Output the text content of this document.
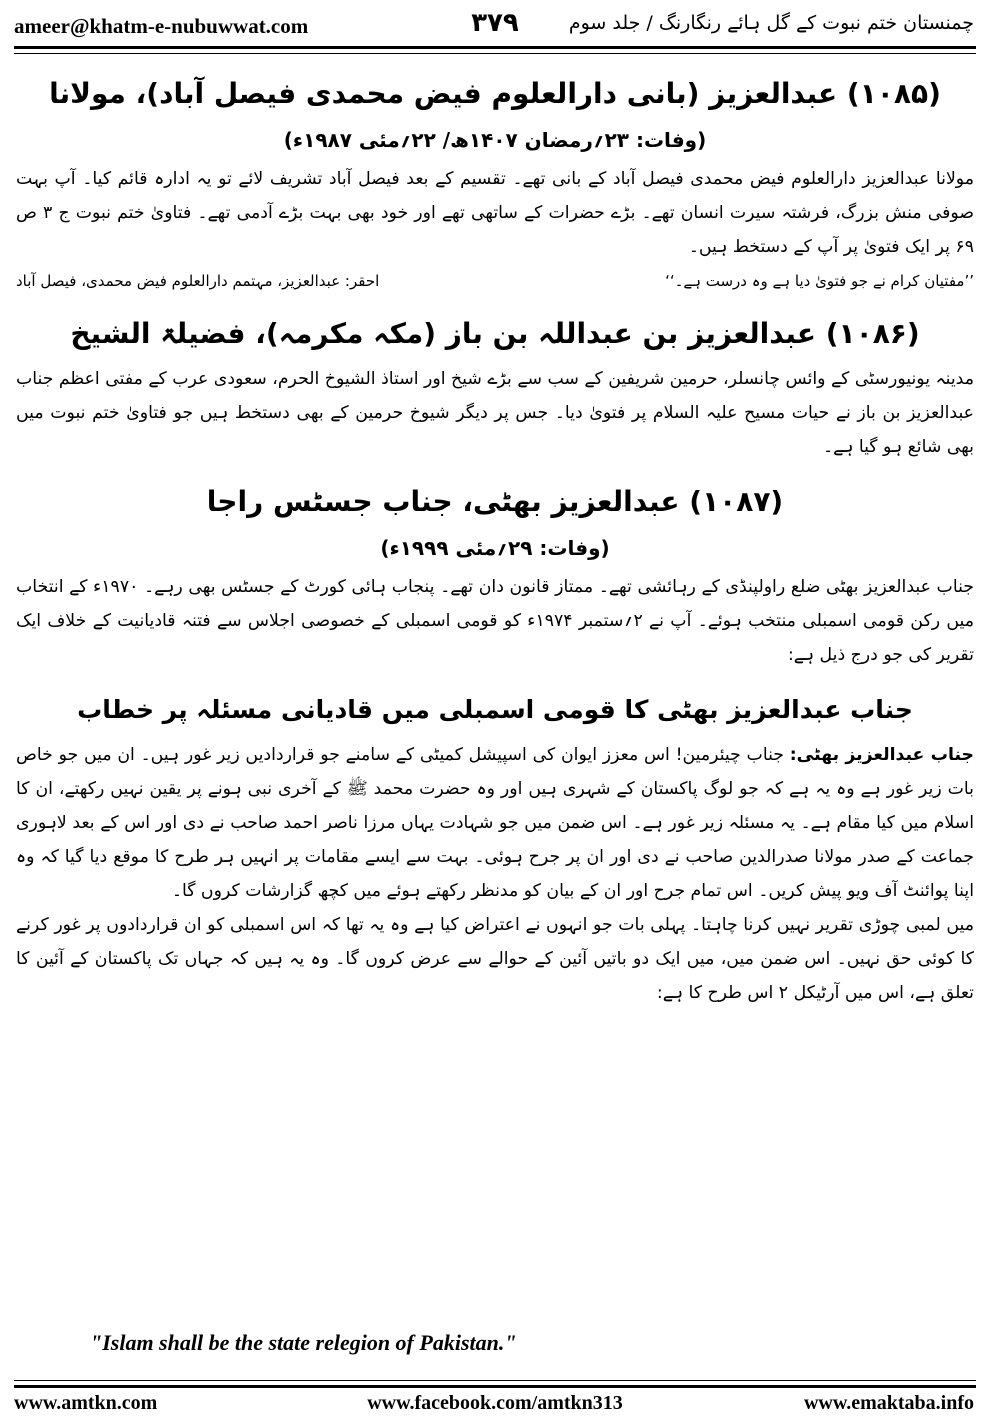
ameer@khatm-e-nubuwwat.com	۳۷۹	چمنستان ختم نبوت کے گل ہائے رنگارنگ / جلد سوم
(۱۰۸۵) عبدالعزیز (بانی دارالعلوم فیض محمدی فیصل آباد)، مولانا
(وفات: ۲۳؍رمضان ۱۴۰۷ھ/ ۲۲؍مئی ۱۹۸۷ء)

مولانا عبدالعزیز دارالعلوم فیض محمدی فیصل آباد کے بانی تھے۔ تقسیم کے بعد فیصل آباد تشریف لائے تو یہ ادارہ قائم کیا۔ آپ بہت صوفی منش بزرگ، فرشتہ سیرت انسان تھے۔ بڑے حضرات کے ساتھی تھے اور خود بھی بہت بڑے آدمی تھے۔ فتاویٰ ختم نبوت ج ۳ ص ۶۹ پر ایک فتویٰ پر آپ کے دستخط ہیں۔

’’مفتیان کرام نے جو فتویٰ دیا ہے وہ درست ہے۔‘‘
احقر: عبدالعزیز، مہتمم دارالعلوم فیض محمدی، فیصل آباد
(۱۰۸۶) عبدالعزیز بن عبداللہ بن باز (مکہ مکرمہ)، فضیلۃ الشیخ

مدینہ یونیورسٹی کے وائس چانسلر، حرمین شریفین کے سب سے بڑے شیخ اور استاذ الشیوخ الحرم، سعودی عرب کے مفتی اعظم جناب عبدالعزیز بن باز نے حیات مسیح علیہ السلام پر فتویٰ دیا۔ جس پر دیگر شیوخ حرمین کے بھی دستخط ہیں جو فتاویٰ ختم نبوت میں بھی شائع ہو گیا ہے۔

(۱۰۸۷) عبدالعزیز بھٹی، جناب جسٹس راجا
(وفات: ۲۹؍مئی ۱۹۹۹ء)

جناب عبدالعزیز بھٹی ضلع راولپنڈی کے رہائشی تھے۔ ممتاز قانون دان تھے۔ پنجاب ہائی کورٹ کے جسٹس بھی رہے۔ ۱۹۷۰ء کے انتخاب میں رکن قومی اسمبلی منتخب ہوئے۔ آپ نے ۲؍ستمبر ۱۹۷۴ء کو قومی اسمبلی کے خصوصی اجلاس سے فتنہ قادیانیت کے خلاف ایک تقریر کی جو درج ذیل ہے:

جناب عبدالعزیز بھٹی کا قومی اسمبلی میں قادیانی مسئلہ پر خطاب

جناب عبدالعزیز بھٹی: جناب چیئرمین! اس معزز ایوان کی اسپیشل کمیٹی کے سامنے جو قراردادیں زیر غور ہیں۔ ان میں جو خاص بات زیر غور ہے وہ یہ ہے کہ جو لوگ پاکستان کے شہری ہیں اور وہ حضرت محمد ﷺ کے آخری نبی ہونے پر یقین نہیں رکھتے، ان کا اسلام میں کیا مقام ہے۔ یہ مسئلہ زیر غور ہے۔ اس ضمن میں جو شہادت یہاں مرزا ناصر احمد صاحب نے دی اور اس کے بعد لاہوری جماعت کے صدر مولانا صدرالدین صاحب نے دی اور ان پر جرح ہوئی۔ بہت سے ایسے مقامات پر انہیں ہر طرح کا موقع دیا گیا کہ وہ اپنا پوائنٹ آف ویو پیش کریں۔ اس تمام جرح اور ان کے بیان کو مدنظر رکھتے ہوئے میں کچھ گزارشات کروں گا۔

میں لمبی چوڑی تقریر نہیں کرنا چاہتا۔ پہلی بات جو انہوں نے اعتراض کیا ہے وہ یہ تھا کہ اس اسمبلی کو ان قراردادوں پر غور کرنے کا کوئی حق نہیں۔ اس ضمن میں، میں ایک دو باتیں آئین کے حوالے سے عرض کروں گا۔ وہ یہ ہیں کہ جہاں تک پاکستان کے آئین کا تعلق ہے، اس میں آرٹیکل ۲ اس طرح کا ہے:

"Islam shall be the state relegion of Pakistan."
www.amtkn.com	www.facebook.com/amtkn313	www.emaktaba.info
